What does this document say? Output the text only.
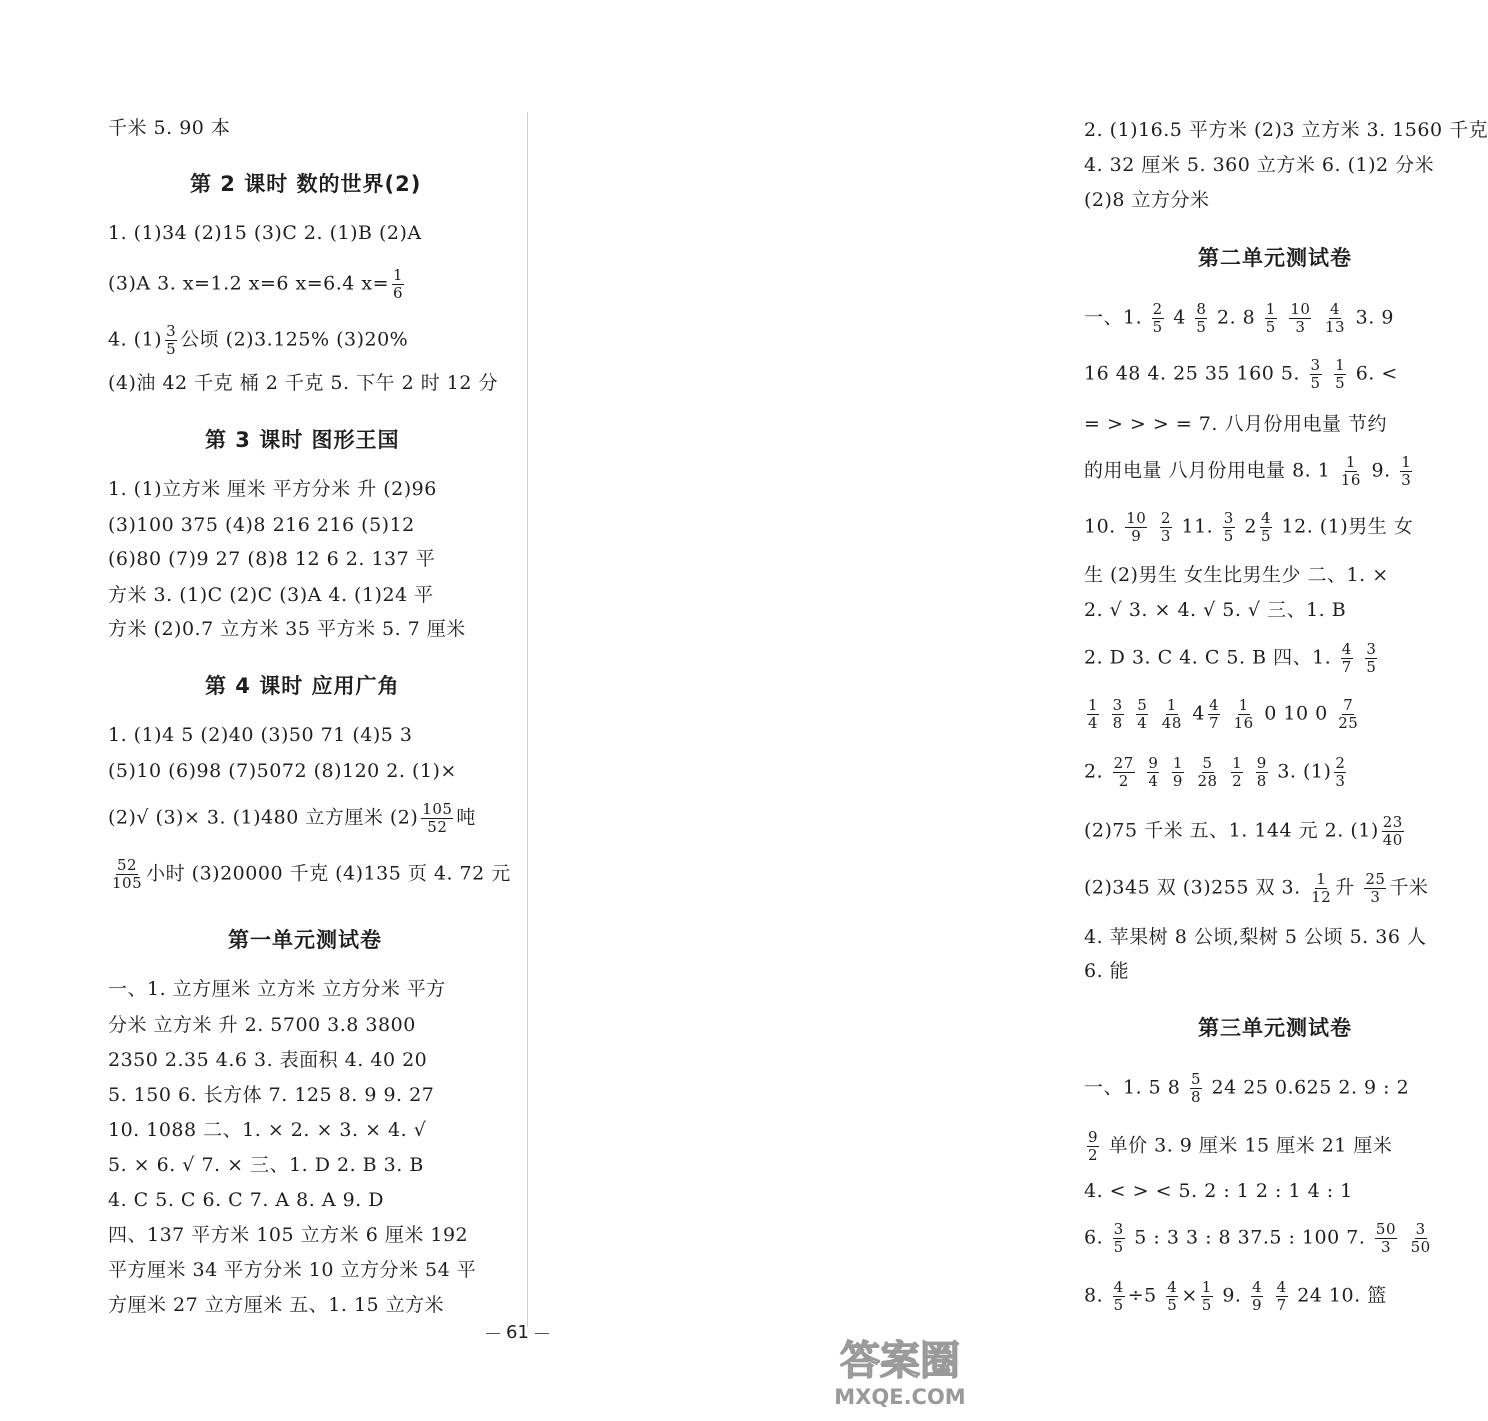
千米 5. 90 本
第 2 课时 数的世界(2)
1. (1)34 (2)15 (3)C 2. (1)B (2)A
(3)A 3. x=1.2 x=6 x=6.4 $x= \frac{1}{6}$
4. $(1) \frac{3}{5}$ 公顷 (2)3.125% (3)20%
(4)油 42 千克 桶 2 千克 5. 下午 2 时 12 分
第 3 课时 图形王国
1. (1)立方米 厘米 平方分米 升 (2)96
(3)100 375 (4)8 216 216 (5)12
(6)80 (7)9 27 (8)8 12 6 2. 137 平
方米 3. (1)C (2)C (3)A 4. (1)24 平
方米 (2)0.7 立方米 35 平方米 5. 7 厘米
第 4 课时 应用广角
1. (1)4 5 (2)40 (3)50 71 (4)5 3
(5)10 (6)98 (7)5072 (8)120 2. (1)×
(2)√ (3)× 3. (1)480 立方厘米 $(2) \frac{105}{52}$ 吨
$\frac{52}{105}$ 小时 (3)20000 千克 (4)135 页 4. 72 元
第一单元测试卷
一、1. 立方厘米 立方米 立方分米 平方
分米 立方米 升 2. 5700 3.8 3800
2350 2.35 4.6 3. 表面积 4. 40 20
5. 150 6. 长方体 7. 125 8. 9 9. 27
10. 1088 二、1. × 2. × 3. × 4. √
5. × 6. √ 7. × 三、1. D 2. B 3. B
4. C 5. C 6. C 7. A 8. A 9. D
四、137 平方米 105 立方米 6 厘米 192
平方厘米 34 平方分米 10 立方分米 54 平
方厘米 27 立方厘米 五、1. 15 立方米
2. (1)16.5 平方米 (2)3 立方米 3. 1560 千克
4. 32 厘米 5. 360 立方米 6. (1)2 分米
(2)8 立方分米
第二单元测试卷
一、1. $\frac{2}{5} 4 \frac{8}{5} 2$. $8 \frac{1}{5}$
$\frac{10}{3}$
$\frac{4}{13} 3$. 9
16 48 4. 25 35 160 5. $\frac{3}{5}$
$\frac{1}{5} 6$. <
= > > > = 7. 八月份用电量 节约
的用电量 八月份用电量 8. $1 \frac{1}{16} 9$. $\frac{1}{3}$
10. $\frac{10}{9}$
$\frac{2}{3} 11$. $\frac{3}{5} 2 \frac{4}{5} 12$. (1)男生 女
生 (2)男生 女生比男生少 二、1. ×
2. √ 3. × 4. √ 5. √ 三、1. B
2. D 3. C 4. C 5. B 四、1. $\frac{4}{7}$
$\frac{3}{5}$
$\frac{1}{4}$
$\frac{3}{8}$
$\frac{5}{4}$
$\frac{1}{48} 4 \frac{4}{7}$
$\frac{1}{16} 0$ 10 $0 \frac{7}{25}$
2. $\frac{27}{2}$
$\frac{9}{4}$
$\frac{1}{9}$
$\frac{5}{28}$
$\frac{1}{2}$
$\frac{9}{8} 3$. $(1) \frac{2}{3}$
(2)75 千米 五、1. 144 元 2. $(1) \frac{23}{40}$
(2)345 双 (3)255 双 3. $\frac{1}{12}$ 升 $\frac{25}{3}$ 千米
4. 苹果树 8 公顷,梨树 5 公顷 5. 36 人
6. 能
第三单元测试卷
一、1. 5 $8 \frac{5}{8} 24$ 25 0.625 2. 9 : 2
$\frac{9}{2}$ 单价 3. 9 厘米 15 厘米 21 厘米
4. < > < 5. 2 : 1 2 : 1 4 : 1
6. $\frac{3}{5} 5$ : 3 3 : 8 37.5 : 100 7. $\frac{50}{3}$
$\frac{3}{50}$
8. $\frac{4}{5} \div 5 \frac{4}{5} \times \frac{1}{5} 9$. $\frac{4}{9}$
$\frac{4}{7} 24$ 10. 篮
61
答案圈
MXQE.COM
